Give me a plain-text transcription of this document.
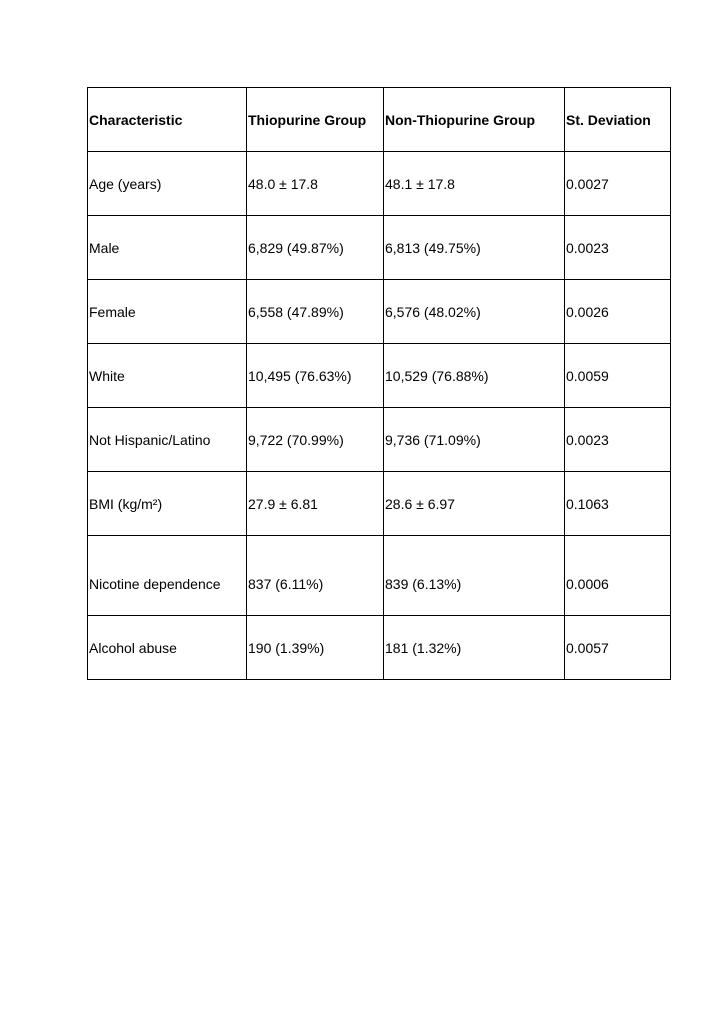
Characteristic	Thiopurine Group	Non-Thiopurine Group	St. Deviation
Age (years)	48.0 ± 17.8	48.1 ± 17.8	0.0027
Male	6,829 (49.87%)	6,813 (49.75%)	0.0023
Female	6,558 (47.89%)	6,576 (48.02%)	0.0026
White	10,495 (76.63%)	10,529 (76.88%)	0.0059
Not Hispanic/Latino	9,722 (70.99%)	9,736 (71.09%)	0.0023
BMI (kg/m²)	27.9 ± 6.81	28.6 ± 6.97	0.1063
Nicotine dependence	837 (6.11%)	839 (6.13%)	0.0006
Alcohol abuse	190 (1.39%)	181 (1.32%)	0.0057
